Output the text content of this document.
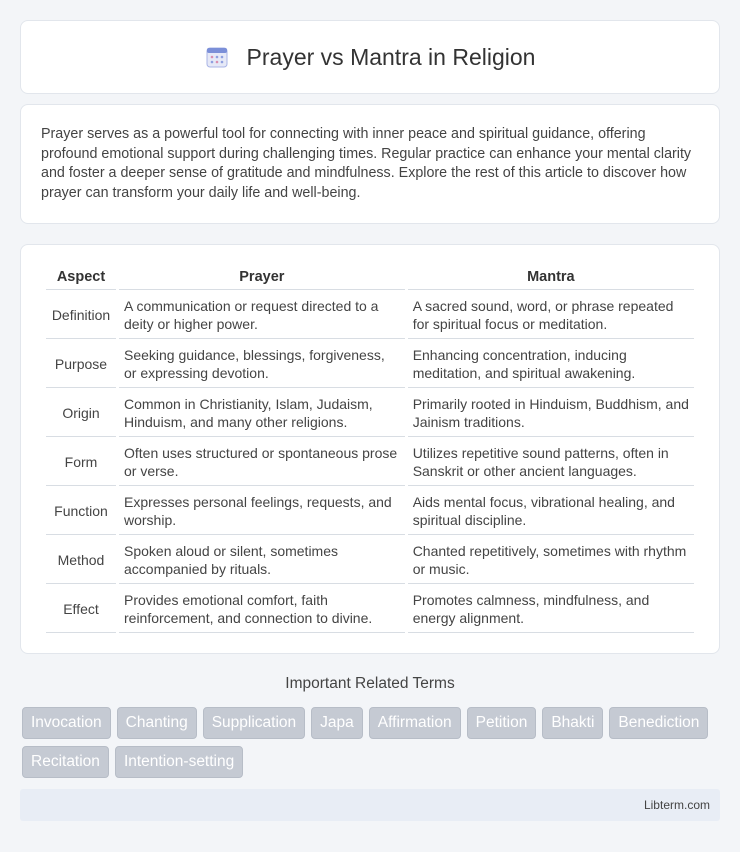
Prayer vs Mantra in Religion

Prayer serves as a powerful tool for connecting with inner peace and spiritual guidance, offering profound emotional support during challenging times. Regular practice can enhance your mental clarity and foster a deeper sense of gratitude and mindfulness. Explore the rest of this article to discover how prayer can transform your daily life and well-being.

Aspect	Prayer	Mantra
Definition	A communication or request directed to a deity or higher power.	A sacred sound, word, or phrase repeated for spiritual focus or meditation.
Purpose	Seeking guidance, blessings, forgiveness, or expressing devotion.	Enhancing concentration, inducing meditation, and spiritual awakening.
Origin	Common in Christianity, Islam, Judaism, Hinduism, and many other religions.	Primarily rooted in Hinduism, Buddhism, and Jainism traditions.
Form	Often uses structured or spontaneous prose or verse.	Utilizes repetitive sound patterns, often in Sanskrit or other ancient languages.
Function	Expresses personal feelings, requests, and worship.	Aids mental focus, vibrational healing, and spiritual discipline.
Method	Spoken aloud or silent, sometimes accompanied by rituals.	Chanted repetitively, sometimes with rhythm or music.
Effect	Provides emotional comfort, faith reinforcement, and connection to divine.	Promotes calmness, mindfulness, and energy alignment.
Important Related Terms
Invocation	Chanting	Supplication	Japa	Affirmation	Petition	Bhakti	Benediction
Recitation	Intention-setting
Libterm.com
